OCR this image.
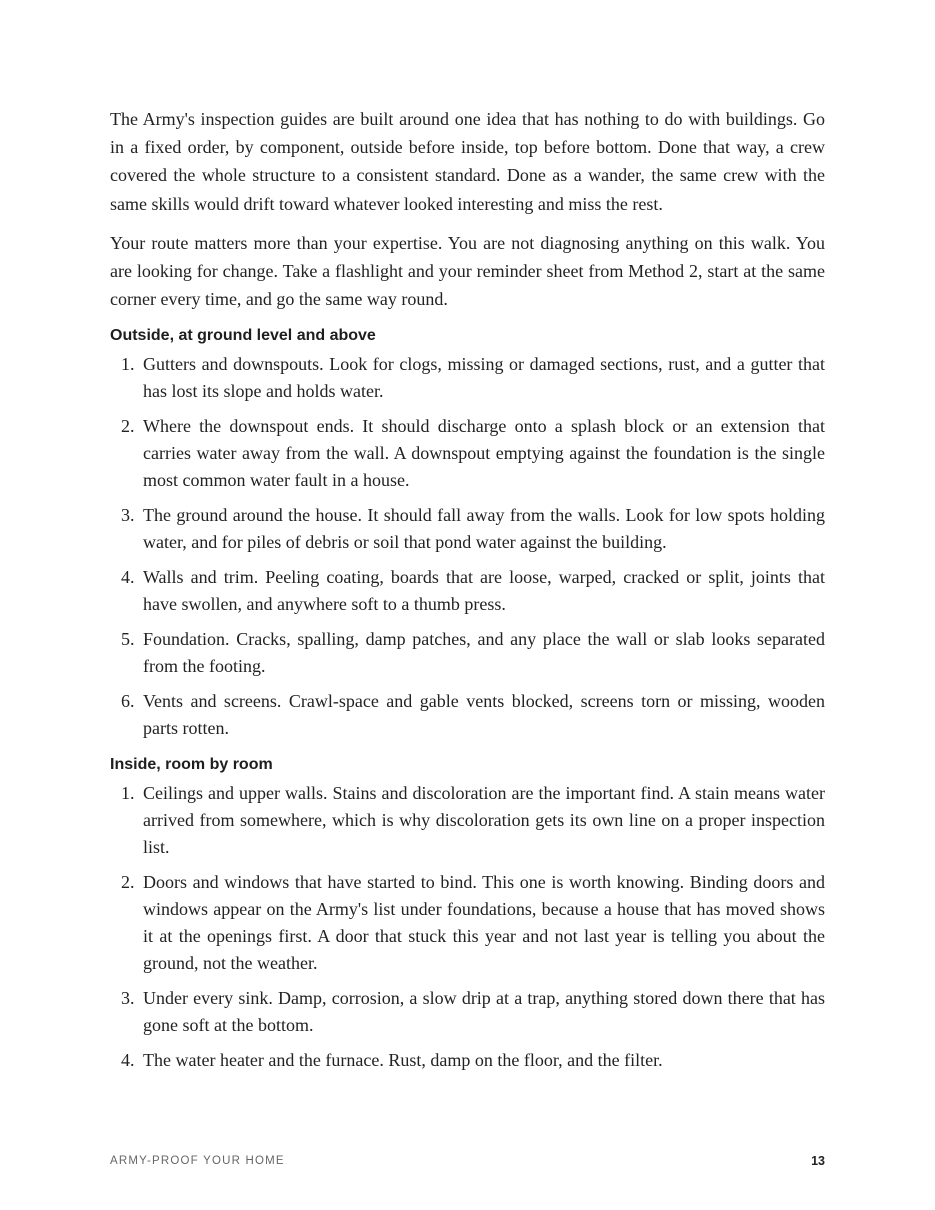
The Army's inspection guides are built around one idea that has nothing to do with buildings. Go in a fixed order, by component, outside before inside, top before bottom. Done that way, a crew covered the whole structure to a consistent standard. Done as a wander, the same crew with the same skills would drift toward whatever looked interesting and miss the rest.

Your route matters more than your expertise. You are not diagnosing anything on this walk. You are looking for change. Take a flashlight and your reminder sheet from Method 2, start at the same corner every time, and go the same way round.

Outside, at ground level and above
1. Gutters and downspouts. Look for clogs, missing or damaged sections, rust, and a gutter that has lost its slope and holds water.
2. Where the downspout ends. It should discharge onto a splash block or an extension that carries water away from the wall. A downspout emptying against the foundation is the single most common water fault in a house.
3. The ground around the house. It should fall away from the walls. Look for low spots holding water, and for piles of debris or soil that pond water against the building.
4. Walls and trim. Peeling coating, boards that are loose, warped, cracked or split, joints that have swollen, and anywhere soft to a thumb press.
5. Foundation. Cracks, spalling, damp patches, and any place the wall or slab looks separated from the footing.
6. Vents and screens. Crawl-space and gable vents blocked, screens torn or missing, wooden parts rotten.
Inside, room by room
1. Ceilings and upper walls. Stains and discoloration are the important find. A stain means water arrived from somewhere, which is why discoloration gets its own line on a proper inspection list.
2. Doors and windows that have started to bind. This one is worth knowing. Binding doors and windows appear on the Army's list under foundations, because a house that has moved shows it at the openings first. A door that stuck this year and not last year is telling you about the ground, not the weather.
3. Under every sink. Damp, corrosion, a slow drip at a trap, anything stored down there that has gone soft at the bottom.
4. The water heater and the furnace. Rust, damp on the floor, and the filter.
ARMY-PROOF YOUR HOME	13
